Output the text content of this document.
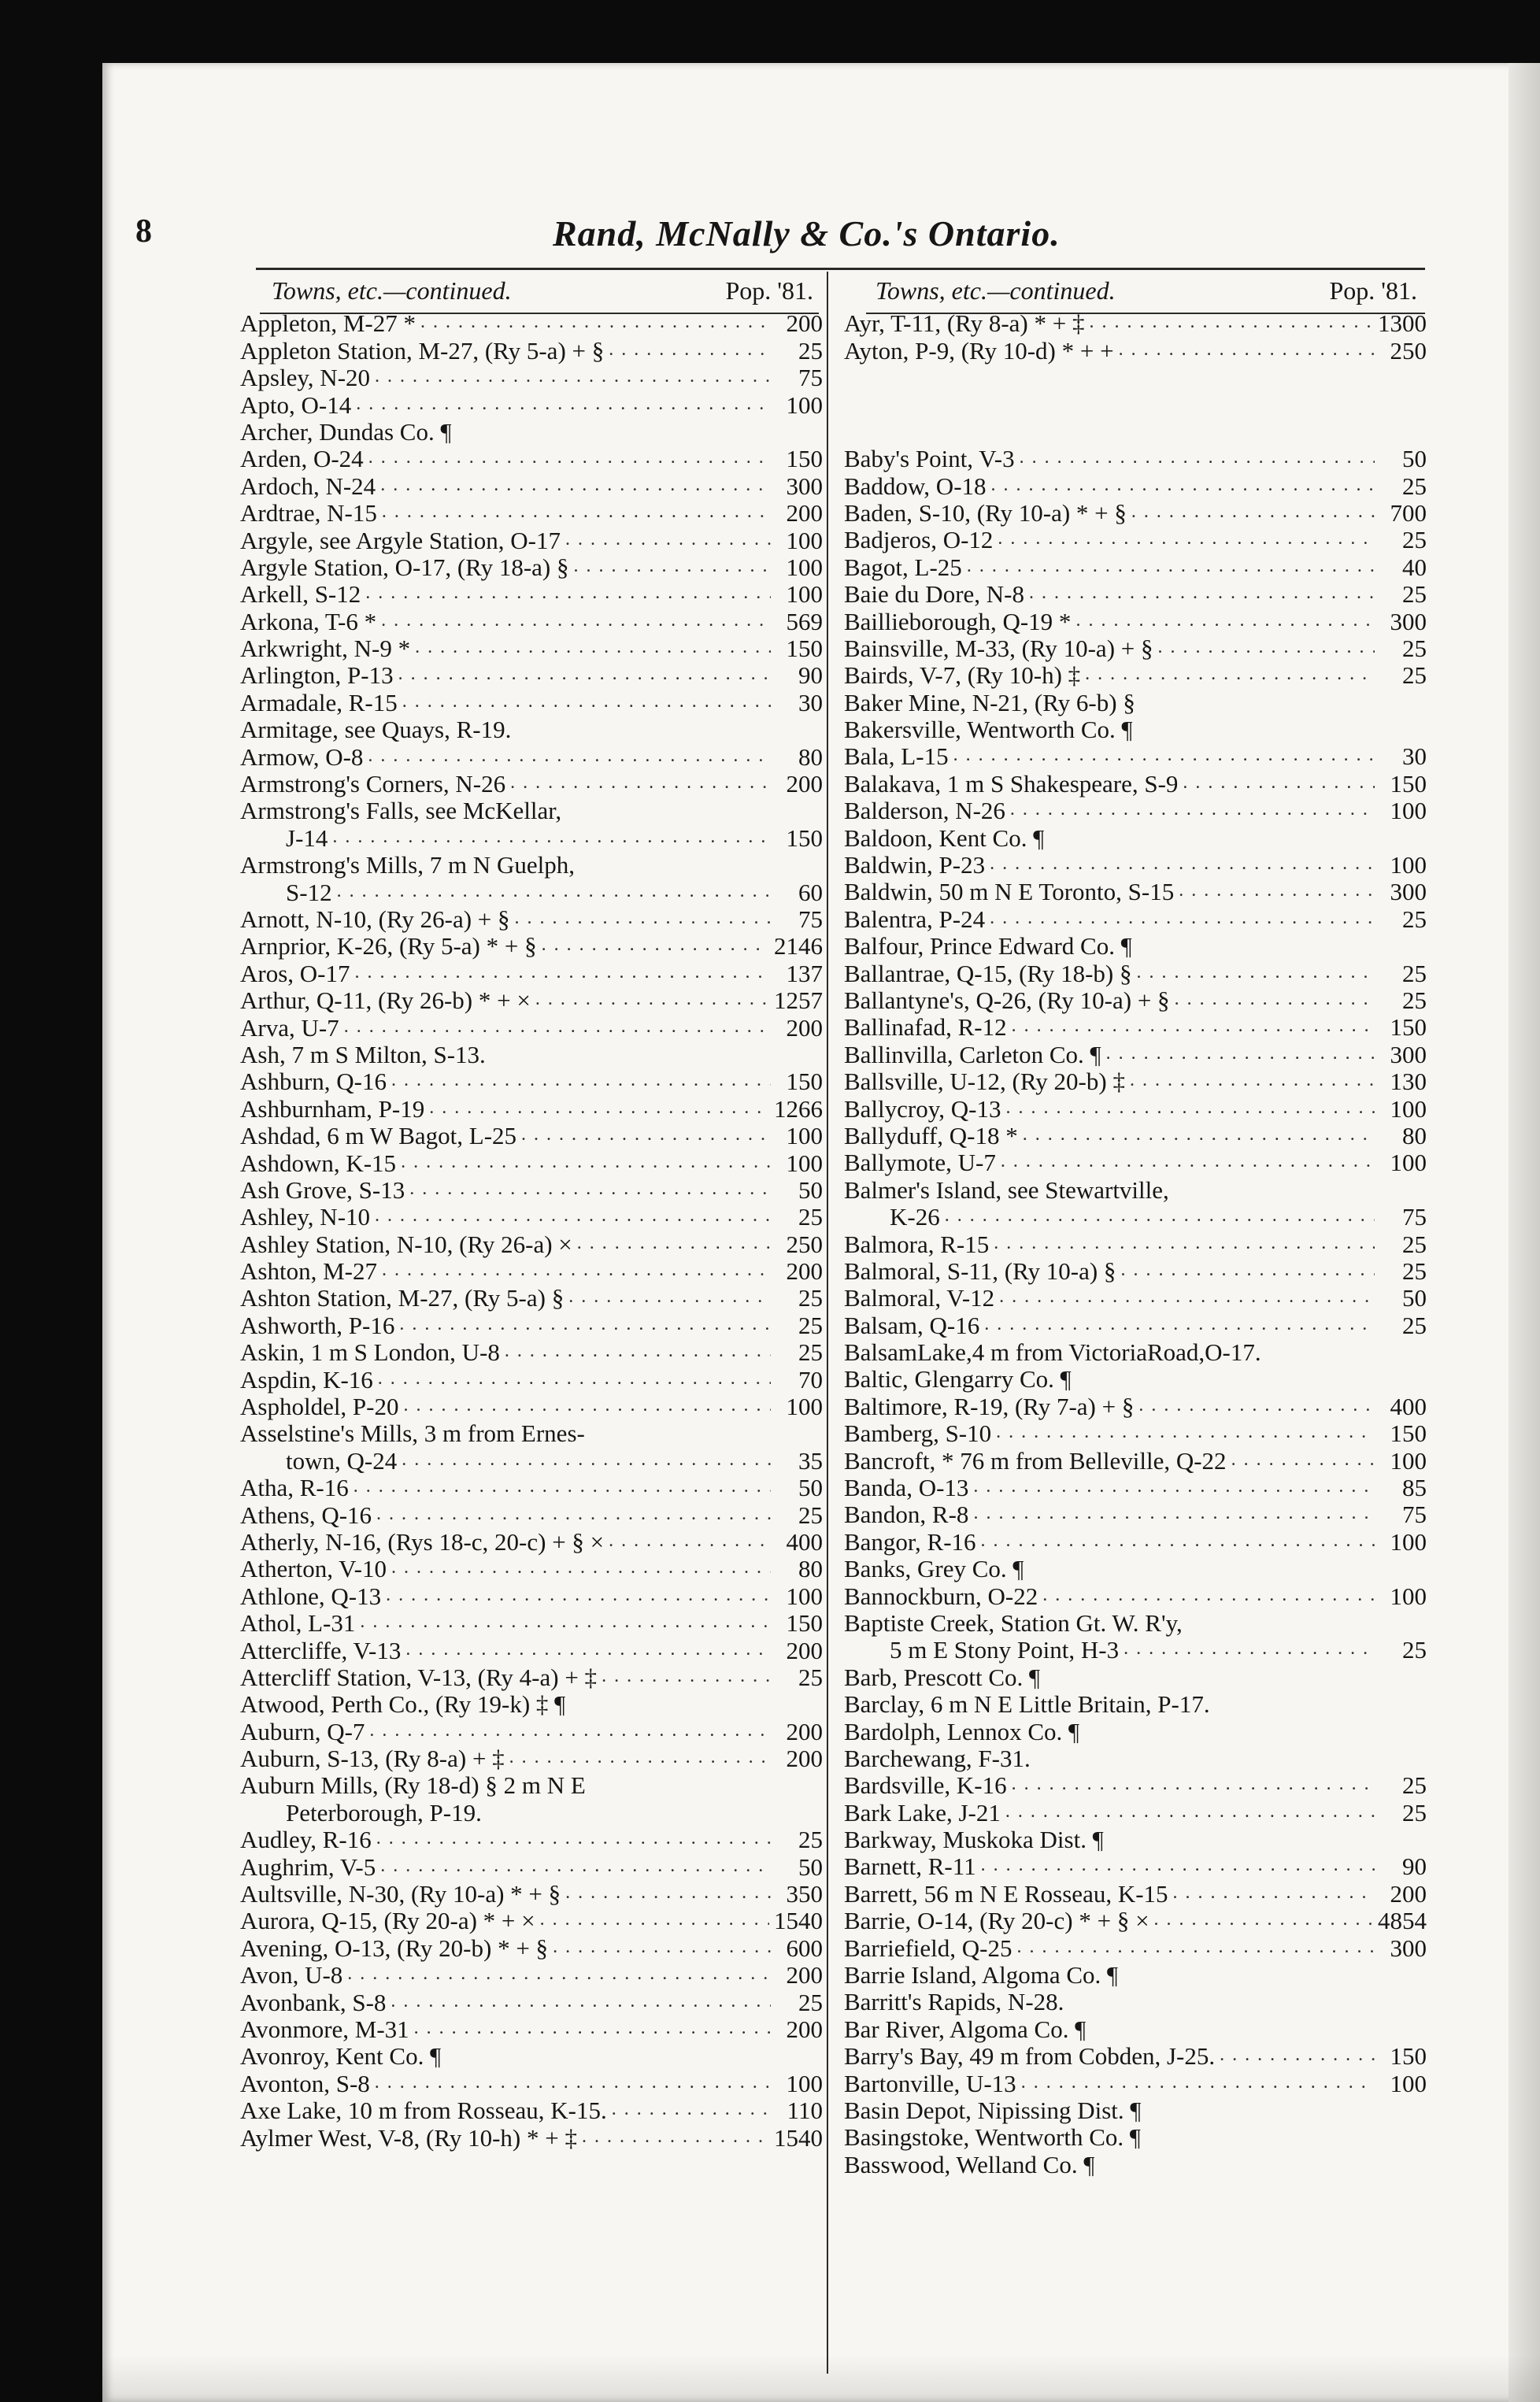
8	Rand, McNally & Co.'s Ontario.
Towns, etc.—continued.	Pop. '81.
Appleton, M-27 * . . .	200
Appleton Station, M-27, (Ry 5-a) + § . . .	25
Apsley, N-20 . . .	75
Apto, O-14 . . .	100
Archer, Dundas Co. ¶
Arden, O-24 . . .	150
Ardoch, N-24 . . .	300
Ardtrae, N-15 . . .	200
Argyle, see Argyle Station, O-17 . . .	100
Argyle Station, O-17, (Ry 18-a) § . . .	100
Arkell, S-12 . . .	100
Arkona, T-6 * . . .	569
Arkwright, N-9 * . . .	150
Arlington, P-13 . . .	90
Armadale, R-15 . . .	30
Armitage, see Quays, R-19.
Armow, O-8 . . .	80
Armstrong's Corners, N-26 . . .	200
Armstrong's Falls, see McKellar,
J-14 . . .	150
Armstrong's Mills, 7 m N Guelph,
S-12 . . .	60
Arnott, N-10, (Ry 26-a) + § . . .	75
Arnprior, K-26, (Ry 5-a) * + § . . .	2146
Aros, O-17 . . .	137
Arthur, Q-11, (Ry 26-b) * + × . . .	1257
Arva, U-7 . . .	200
Ash, 7 m S Milton, S-13.
Ashburn, Q-16 . . .	150
Ashburnham, P-19 . . .	1266
Ashdad, 6 m W Bagot, L-25 . . .	100
Ashdown, K-15 . . .	100
Ash Grove, S-13 . . .	50
Ashley, N-10 . . .	25
Ashley Station, N-10, (Ry 26-a) × . . .	250
Ashton, M-27 . . .	200
Ashton Station, M-27, (Ry 5-a) § . . .	25
Ashworth, P-16 . . .	25
Askin, 1 m S London, U-8 . . .	25
Aspdin, K-16 . . .	70
Aspholdel, P-20 . . .	100
Asselstine's Mills, 3 m from Ernes-
town, Q-24 . . .	35
Atha, R-16 . . .	50
Athens, Q-16 . . .	25
Atherly, N-16, (Rys 18-c, 20-c) + § × . . .	400
Atherton, V-10 . . .	80
Athlone, Q-13 . . .	100
Athol, L-31 . . .	150
Attercliffe, V-13 . . .	200
Attercliff Station, V-13, (Ry 4-a) + ‡ . . .	25
Atwood, Perth Co., (Ry 19-k) ‡ ¶
Auburn, Q-7 . . .	200
Auburn, S-13, (Ry 8-a) + ‡ . . .	200
Auburn Mills, (Ry 18-d) § 2 m N E
Peterborough, P-19.
Audley, R-16 . . .	25
Aughrim, V-5 . . .	50
Aultsville, N-30, (Ry 10-a) * + § . . .	350
Aurora, Q-15, (Ry 20-a) * + × . . .	1540
Avening, O-13, (Ry 20-b) * + § . . .	600
Avon, U-8 . . .	200
Avonbank, S-8 . . .	25
Avonmore, M-31 . . .	200
Avonroy, Kent Co. ¶
Avonton, S-8 . . .	100
Axe Lake, 10 m from Rosseau, K-15. . . .	110
Aylmer West, V-8, (Ry 10-h) * + ‡ . . .	1540
Towns, etc.—continued.	Pop. '81.
Ayr, T-11, (Ry 8-a) * + ‡ . . .	1300
Ayton, P-9, (Ry 10-d) * + + . . .	250
Baby's Point, V-3 . . .	50
Baddow, O-18 . . .	25
Baden, S-10, (Ry 10-a) * + § . . .	700
Badjeros, O-12 . . .	25
Bagot, L-25 . . .	40
Baie du Dore, N-8 . . .	25
Baillieborough, Q-19 * . . .	300
Bainsville, M-33, (Ry 10-a) + § . . .	25
Bairds, V-7, (Ry 10-h) ‡ . . .	25
Baker Mine, N-21, (Ry 6-b) §
Bakersville, Wentworth Co. ¶
Bala, L-15 . . .	30
Balakava, 1 m S Shakespeare, S-9 . . .	150
Balderson, N-26 . . .	100
Baldoon, Kent Co. ¶
Baldwin, P-23 . . .	100
Baldwin, 50 m N E Toronto, S-15 . . .	300
Balentra, P-24 . . .	25
Balfour, Prince Edward Co. ¶
Ballantrae, Q-15, (Ry 18-b) § . . .	25
Ballantyne's, Q-26, (Ry 10-a) + § . . .	25
Ballinafad, R-12 . . .	150
Ballinvilla, Carleton Co. ¶ . . .	300
Ballsville, U-12, (Ry 20-b) ‡ . . .	130
Ballycroy, Q-13 . . .	100
Ballyduff, Q-18 * . . .	80
Ballymote, U-7 . . .	100
Balmer's Island, see Stewartville,
K-26 . . .	75
Balmora, R-15 . . .	25
Balmoral, S-11, (Ry 10-a) § . . .	25
Balmoral, V-12 . . .	50
Balsam, Q-16 . . .	25
BalsamLake,4 m from VictoriaRoad,O-17.
Baltic, Glengarry Co. ¶
Baltimore, R-19, (Ry 7-a) + § . . .	400
Bamberg, S-10 . . .	150
Bancroft, * 76 m from Belleville, Q-22 . . .	100
Banda, O-13 . . .	85
Bandon, R-8 . . .	75
Bangor, R-16 . . .	100
Banks, Grey Co. ¶
Bannockburn, O-22 . . .	100
Baptiste Creek, Station Gt. W. R'y,
5 m E Stony Point, H-3 . . .	25
Barb, Prescott Co. ¶
Barclay, 6 m N E Little Britain, P-17.
Bardolph, Lennox Co. ¶
Barchewang, F-31.
Bardsville, K-16 . . .	25
Bark Lake, J-21 . . .	25
Barkway, Muskoka Dist. ¶
Barnett, R-11 . . .	90
Barrett, 56 m N E Rosseau, K-15 . . .	200
Barrie, O-14, (Ry 20-c) * + § × . . .	4854
Barriefield, Q-25 . . .	300
Barrie Island, Algoma Co. ¶
Barritt's Rapids, N-28.
Bar River, Algoma Co. ¶
Barry's Bay, 49 m from Cobden, J-25. . . .	150
Bartonville, U-13 . . .	100
Basin Depot, Nipissing Dist. ¶
Basingstoke, Wentworth Co. ¶
Basswood, Welland Co. ¶
